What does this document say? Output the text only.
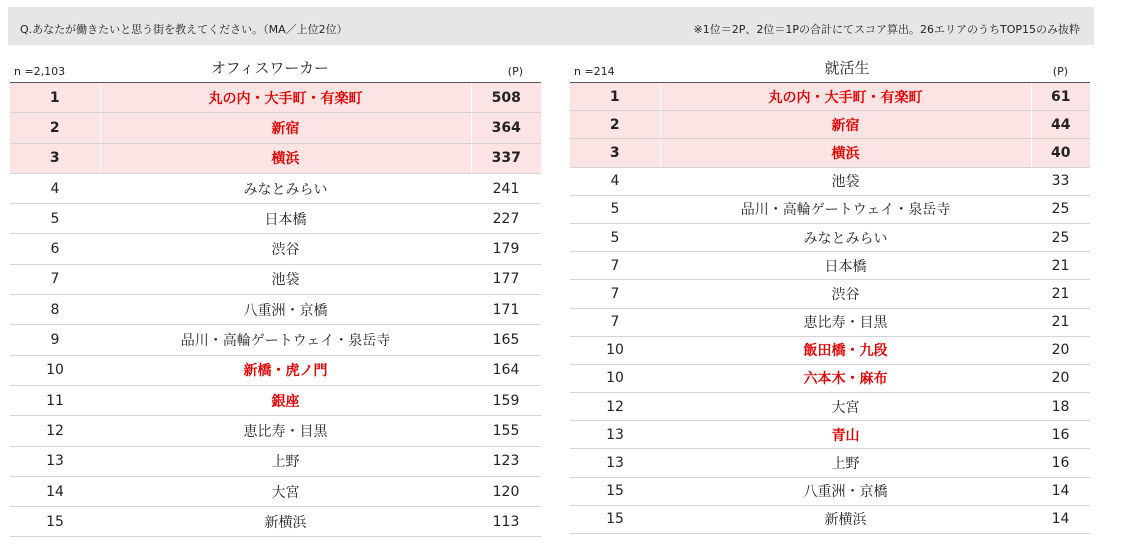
Q.あなたが働きたいと思う街を教えてください。（MA／上位2位）	※1位＝2P、2位＝1Pの合計にてスコア算出。26エリアのうちTOP15のみ抜粋
n =2,103	オフィスワーカー	(P)
1	丸の内・大手町・有楽町	508
2	新宿	364
3	横浜	337
4	みなとみらい	241
5	日本橋	227
6	渋谷	179
7	池袋	177
8	八重洲・京橋	171
9	品川・高輪ゲートウェイ・泉岳寺	165
10	新橋・虎ノ門	164
11	銀座	159
12	恵比寿・目黒	155
13	上野	123
14	大宮	120
15	新横浜	113
n =214	就活生	(P)
1	丸の内・大手町・有楽町	61
2	新宿	44
3	横浜	40
4	池袋	33
5	品川・高輪ゲートウェイ・泉岳寺	25
5	みなとみらい	25
7	日本橋	21
7	渋谷	21
7	恵比寿・目黒	21
10	飯田橋・九段	20
10	六本木・麻布	20
12	大宮	18
13	青山	16
13	上野	16
15	八重洲・京橋	14
15	新横浜	14
